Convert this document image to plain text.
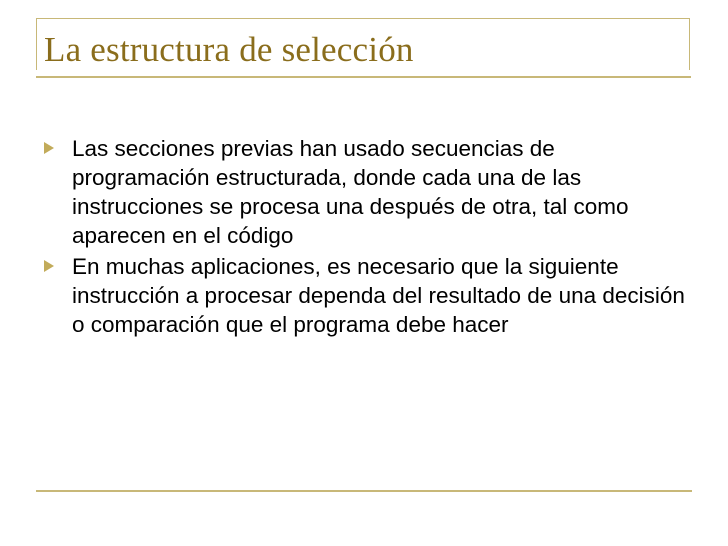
La estructura de selección
Las secciones previas han usado secuencias de programación estructurada, donde cada una de las instrucciones se procesa una después de otra, tal como aparecen en el código
En muchas aplicaciones, es necesario que la siguiente instrucción a procesar dependa del resultado de una decisión o comparación que el programa debe hacer
